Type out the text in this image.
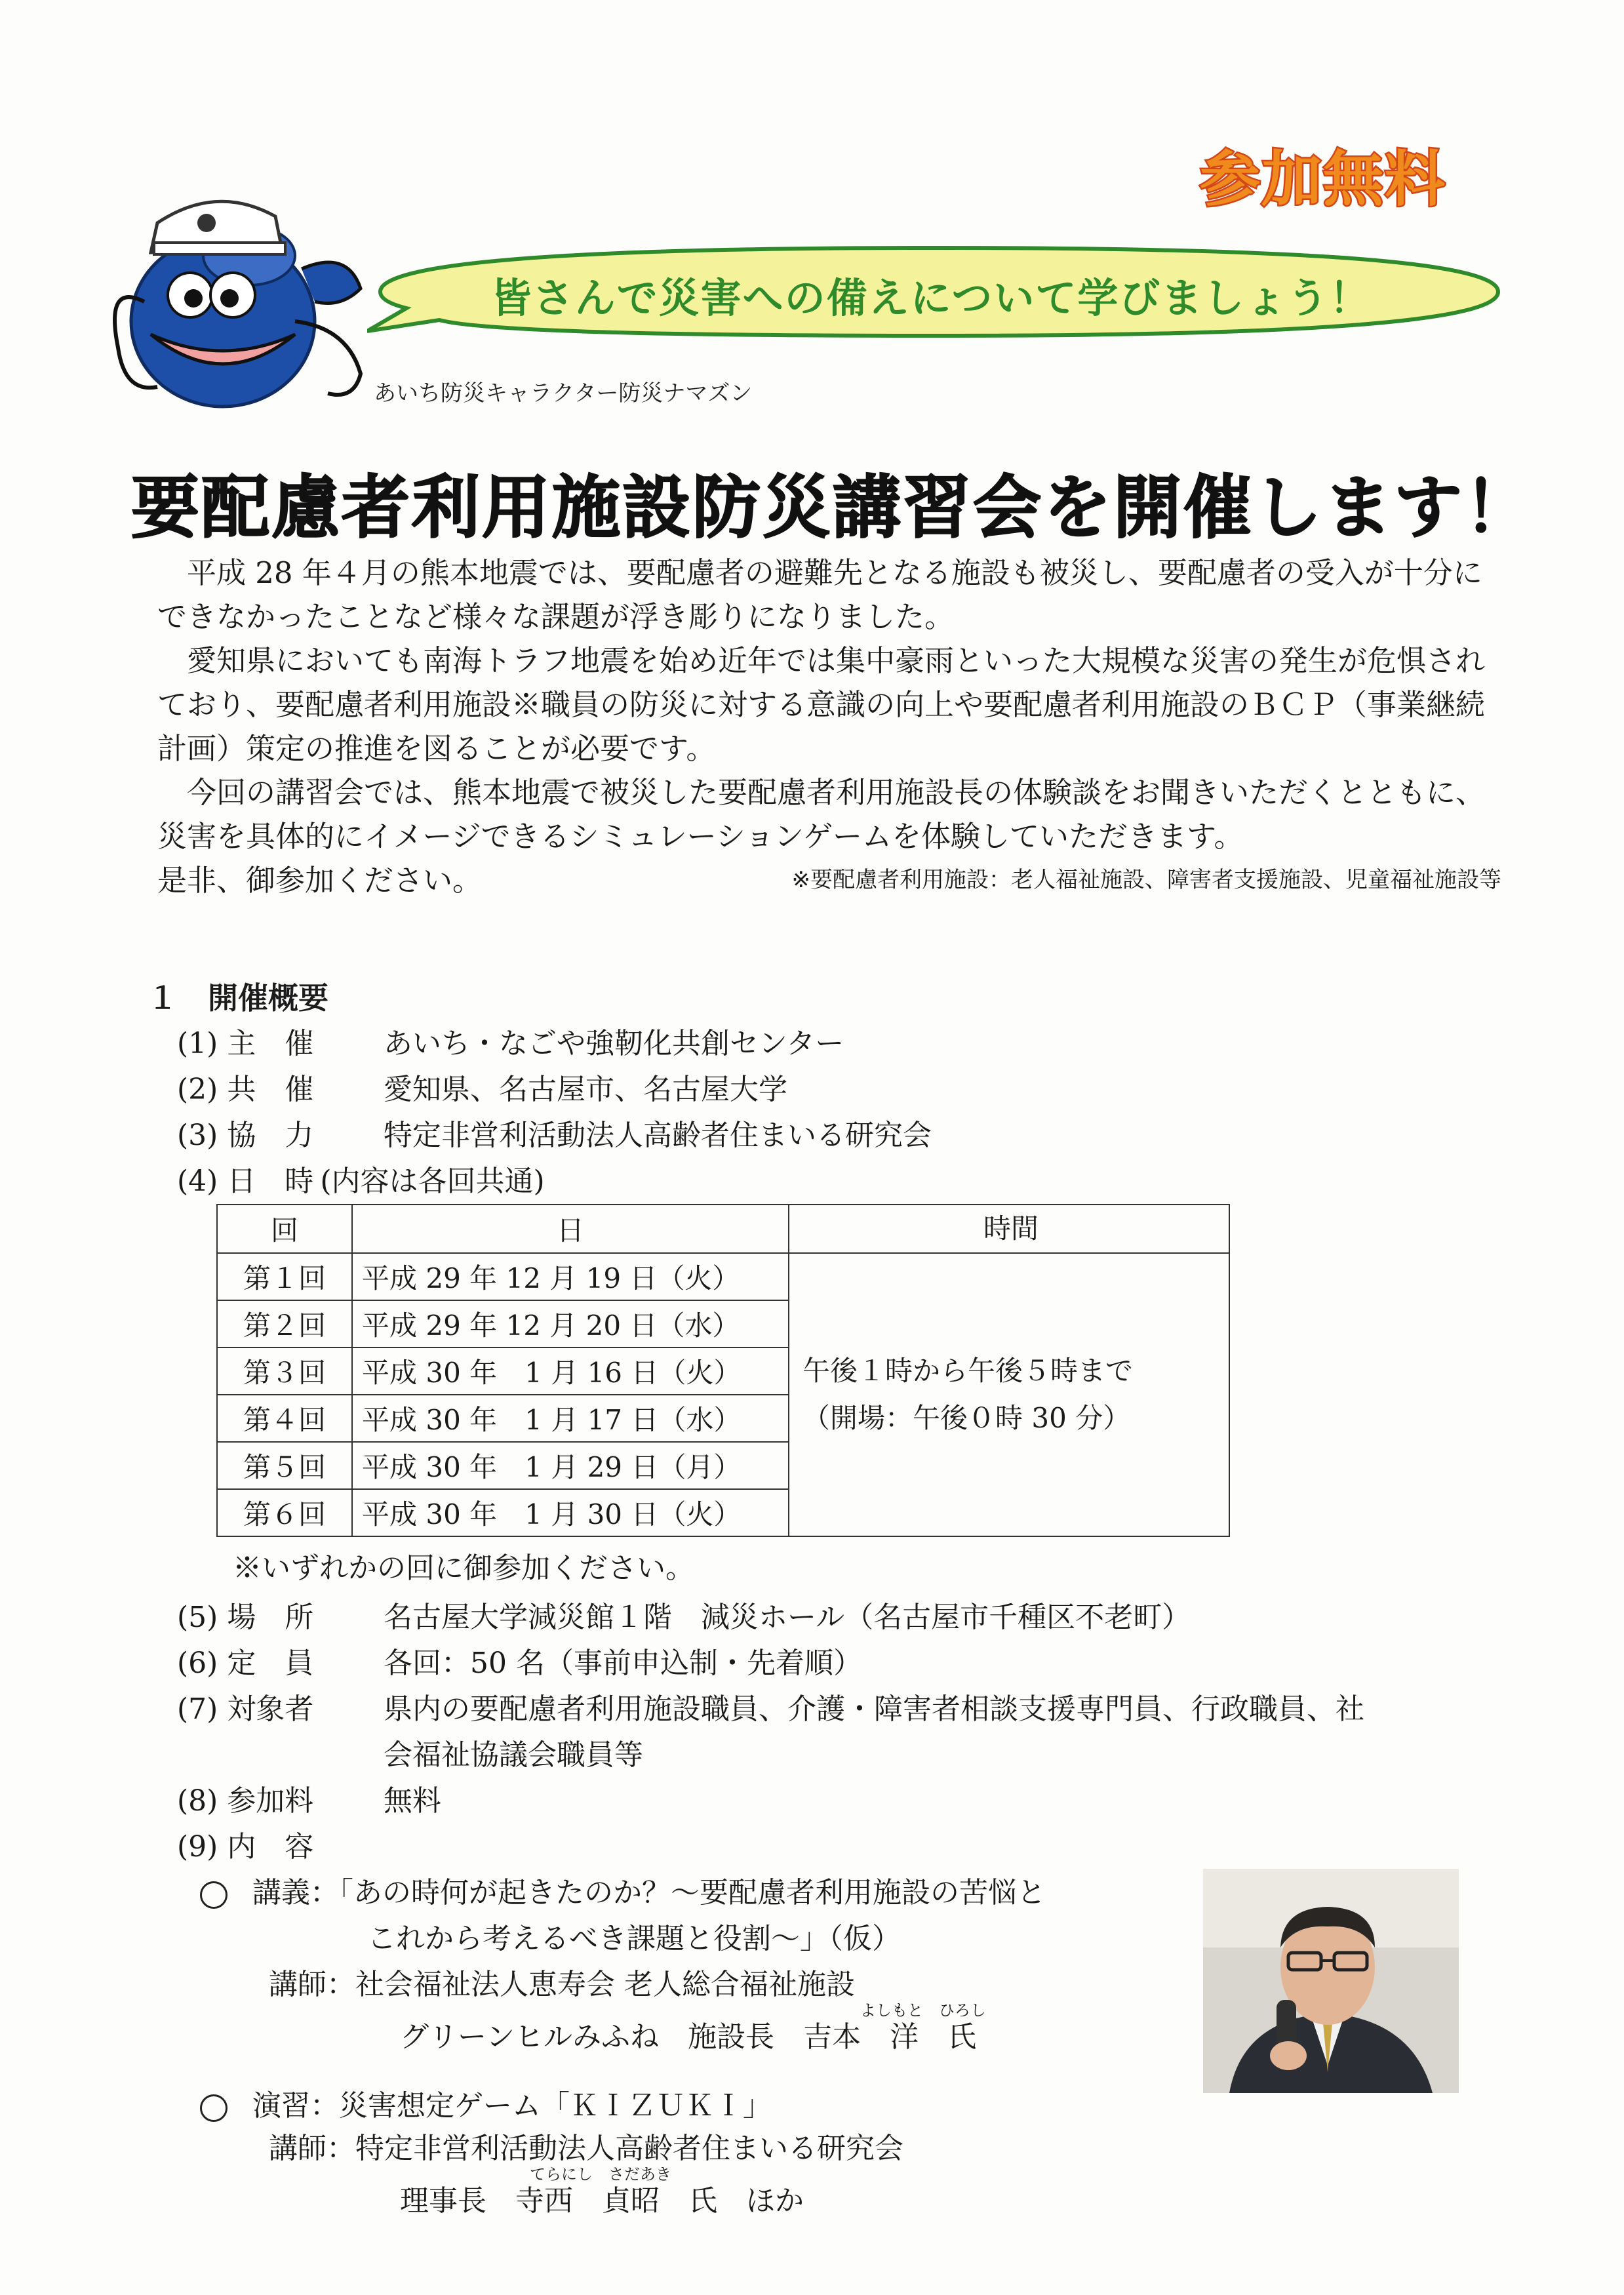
参加無料
皆さんで災害への備えについて学びましょう！
あいち防災キャラクター防災ナマズン
要配慮者利用施設防災講習会を開催します！

　平成 28 年４月の熊本地震では、要配慮者の避難先となる施設も被災し、要配慮者の受入が十分にできなかったことなど様々な課題が浮き彫りになりました。

　愛知県においても南海トラフ地震を始め近年では集中豪雨といった大規模な災害の発生が危惧されており、要配慮者利用施設※職員の防災に対する意識の向上や要配慮者利用施設のＢＣＰ（事業継続計画）策定の推進を図ることが必要です。

　今回の講習会では、熊本地震で被災した要配慮者利用施設長の体験談をお聞きいただくとともに、災害を具体的にイメージできるシミュレーションゲームを体験していただきます。

是非、御参加ください。	※要配慮者利用施設：老人福祉施設、障害者支援施設、児童福祉施設等

１　開催概要
(1) 主　催 あいち・なごや強靭化共創センター
(2) 共　催 愛知県、名古屋市、名古屋大学
(3) 協　力 特定非営利活動法人高齢者住まいる研究会
(4) 日　時 (内容は各回共通)
回	日	時間
第１回	平成 29 年 12 月 19 日（火）	午後１時から午後５時まで
（開場：午後０時 30 分）

第２回	平成 29 年 12 月 20 日（水）	
第３回	平成 30 年　1 月 16 日（火）	
第４回	平成 30 年　1 月 17 日（水）	
第５回	平成 30 年　1 月 29 日（月）	
第６回	平成 30 年　1 月 30 日（火）	
※いずれかの回に御参加ください。
(5) 場　所 名古屋大学減災館１階　減災ホール（名古屋市千種区不老町）
(6) 定　員 各回：50 名（事前申込制・先着順）
(7) 対象者 県内の要配慮者利用施設職員、介護・障害者相談支援専門員、行政職員、社
会福祉協議会職員等
(8) 参加料 無料
(9) 内　容
講義：「あの時何が起きたのか？～要配慮者利用施設の苦悩と
これから考えるべき課題と役割～」（仮）
講師：社会福祉法人恵寿会 老人総合福祉施設
よしもと　ひろし
グリーンヒルみふね　施設長　吉本　洋　氏
演習：災害想定ゲーム「ＫＩＺＵＫＩ」
講師：特定非営利活動法人高齢者住まいる研究会
てらにし　さだあき
理事長　寺西　貞昭　氏　ほか
